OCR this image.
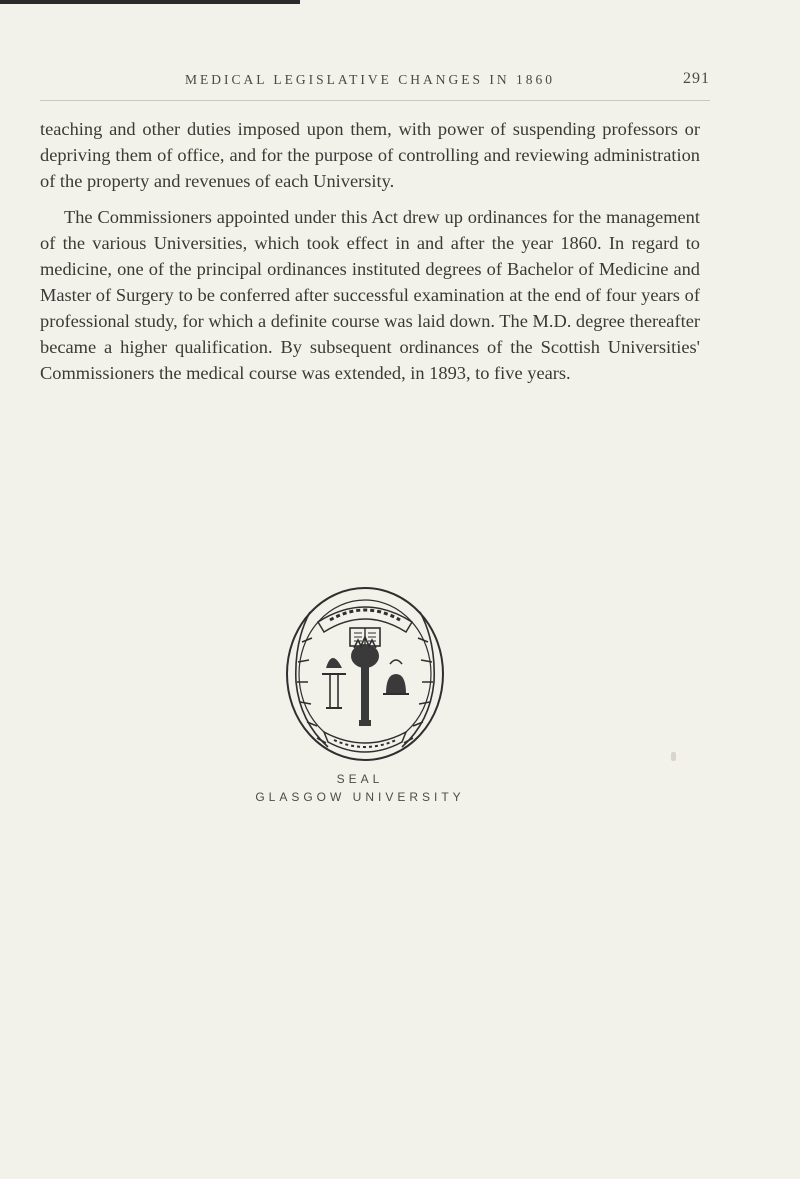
MEDICAL LEGISLATIVE CHANGES IN 1860	291

teaching and other duties imposed upon them, with power of suspending professors or depriving them of office, and for the purpose of controlling and reviewing administration of the property and revenues of each University.

The Commissioners appointed under this Act drew up ordinances for the management of the various Universities, which took effect in and after the year 1860. In regard to medicine, one of the principal ordinances instituted degrees of Bachelor of Medicine and Master of Surgery to be conferred after successful examination at the end of four years of professional study, for which a definite course was laid down. The M.D. degree thereafter became a higher qualification. By subsequent ordinances of the Scottish Universities' Commissioners the medical course was extended, in 1893, to five years.

SEAL
GLASGOW UNIVERSITY
